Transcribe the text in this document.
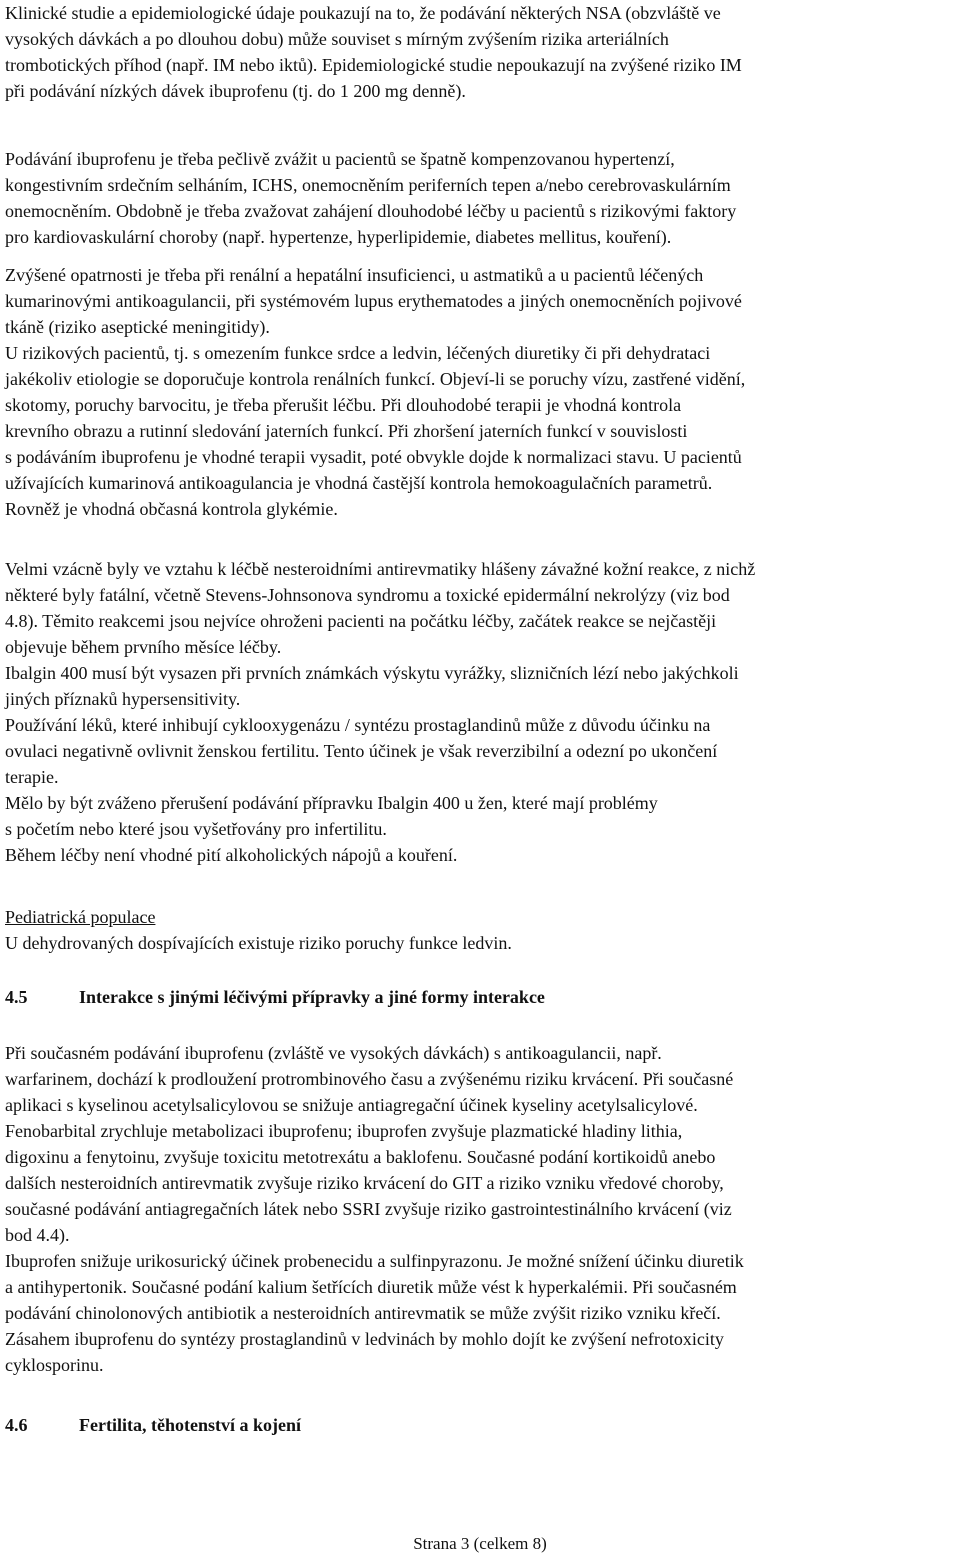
Klinické studie a epidemiologické údaje poukazují na to, že podávání některých NSA (obzvláště ve
vysokých dávkách a po dlouhou dobu) může souviset s mírným zvýšením rizika arteriálních
trombotických příhod (např. IM nebo iktů). Epidemiologické studie nepoukazují na zvýšené riziko IM
při podávání nízkých dávek ibuprofenu (tj. do 1 200 mg denně).
Podávání ibuprofenu je třeba pečlivě zvážit u pacientů se špatně kompenzovanou hypertenzí,
kongestivním srdečním selháním, ICHS, onemocněním periferních tepen a/nebo cerebrovaskulárním
onemocněním. Obdobně je třeba zvažovat zahájení dlouhodobé léčby u pacientů s rizikovými faktory
pro kardiovaskulární choroby (např. hypertenze, hyperlipidemie, diabetes mellitus, kouření).
Zvýšené opatrnosti je třeba při renální a hepatální insuficienci, u astmatiků a u pacientů léčených
kumarinovými antikoagulancii, při systémovém lupus erythematodes a jiných onemocněních pojivové
tkáně (riziko aseptické meningitidy).
U rizikových pacientů, tj. s omezením funkce srdce a ledvin, léčených diuretiky či při dehydrataci
jakékoliv etiologie se doporučuje kontrola renálních funkcí. Objeví-li se poruchy vízu, zastřené vidění,
skotomy, poruchy barvocitu, je třeba přerušit léčbu. Při dlouhodobé terapii je vhodná kontrola
krevního obrazu a rutinní sledování jaterních funkcí. Při zhoršení jaterních funkcí v souvislosti
s podáváním ibuprofenu je vhodné terapii vysadit, poté obvykle dojde k normalizaci stavu. U pacientů
užívajících kumarinová antikoagulancia je vhodná častější kontrola hemokoagulačních parametrů.
Rovněž je vhodná občasná kontrola glykémie.
Velmi vzácně byly ve vztahu k léčbě nesteroidními antirevmatiky hlášeny závažné kožní reakce, z nichž
některé byly fatální, včetně Stevens-Johnsonova syndromu a toxické epidermální nekrolýzy (viz bod
4.8). Těmito reakcemi jsou nejvíce ohroženi pacienti na počátku léčby, začátek reakce se nejčastěji
objevuje během prvního měsíce léčby.
Ibalgin 400 musí být vysazen při prvních známkách výskytu vyrážky, slizničních lézí nebo jakýchkoli
jiných příznaků hypersensitivity.
Používání léků, které inhibují cyklooxygenázu / syntézu prostaglandinů může z důvodu účinku na
ovulaci negativně ovlivnit ženskou fertilitu. Tento účinek je však reverzibilní a odezní po ukončení
terapie.
Mělo by být zváženo přerušení podávání přípravku Ibalgin 400 u žen, které mají problémy
s početím nebo které jsou vyšetřovány pro infertilitu.
Během léčby není vhodné pití alkoholických nápojů a kouření.
Pediatrická populace
U dehydrovaných dospívajících existuje riziko poruchy funkce ledvin.
4.5	Interakce s jinými léčivými přípravky a jiné formy interakce
Při současném podávání ibuprofenu (zvláště ve vysokých dávkách) s antikoagulancii, např.
warfarinem, dochází k prodloužení protrombinového času a zvýšenému riziku krvácení. Při současné
aplikaci s kyselinou acetylsalicylovou se snižuje antiagregační účinek kyseliny acetylsalicylové.
Fenobarbital zrychluje metabolizaci ibuprofenu; ibuprofen zvyšuje plazmatické hladiny lithia,
digoxinu a fenytoinu, zvyšuje toxicitu metotrexátu a baklofenu. Současné podání kortikoidů anebo
dalších nesteroidních antirevmatik zvyšuje riziko krvácení do GIT a riziko vzniku vředové choroby,
současné podávání antiagregačních látek nebo SSRI zvyšuje riziko gastrointestinálního krvácení (viz
bod 4.4).
Ibuprofen snižuje urikosurický účinek probenecidu a sulfinpyrazonu. Je možné snížení účinku diuretik
a antihypertonik. Současné podání kalium šetřících diuretik může vést k hyperkalémii. Při současném
podávání chinolonových antibiotik a nesteroidních antirevmatik se může zvýšit riziko vzniku křečí.
Zásahem ibuprofenu do syntézy prostaglandinů v ledvinách by mohlo dojít ke zvýšení nefrotoxicity
cyklosporinu.
4.6	Fertilita, těhotenství a kojení
Strana 3 (celkem 8)
